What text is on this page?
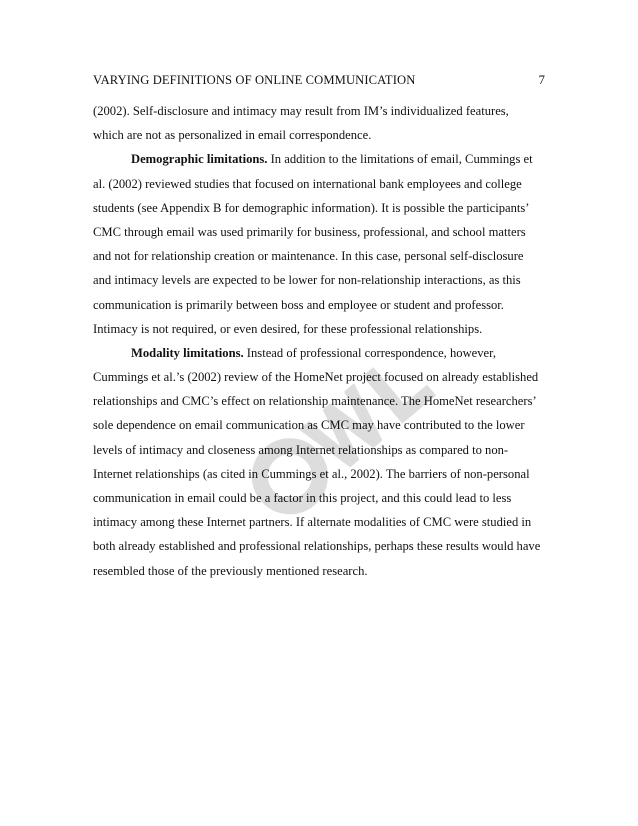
VARYING DEFINITIONS OF ONLINE COMMUNICATION	7
(2002). Self-disclosure and intimacy may result from IM’s individualized features,
which are not as personalized in email correspondence.
Demographic limitations. In addition to the limitations of email, Cummings et
al. (2002) reviewed studies that focused on international bank employees and college
students (see Appendix B for demographic information). It is possible the participants’
CMC through email was used primarily for business, professional, and school matters
and not for relationship creation or maintenance. In this case, personal self-disclosure
and intimacy levels are expected to be lower for non-relationship interactions, as this
communication is primarily between boss and employee or student and professor.
Intimacy is not required, or even desired, for these professional relationships.
Modality limitations. Instead of professional correspondence, however,
Cummings et al.’s (2002) review of the HomeNet project focused on already established
relationships and CMC’s effect on relationship maintenance. The HomeNet researchers’
sole dependence on email communication as CMC may have contributed to the lower
levels of intimacy and closeness among Internet relationships as compared to non-
Internet relationships (as cited in Cummings et al., 2002). The barriers of non-personal
communication in email could be a factor in this project, and this could lead to less
intimacy among these Internet partners. If alternate modalities of CMC were studied in
both already established and professional relationships, perhaps these results would have
resembled those of the previously mentioned research.
